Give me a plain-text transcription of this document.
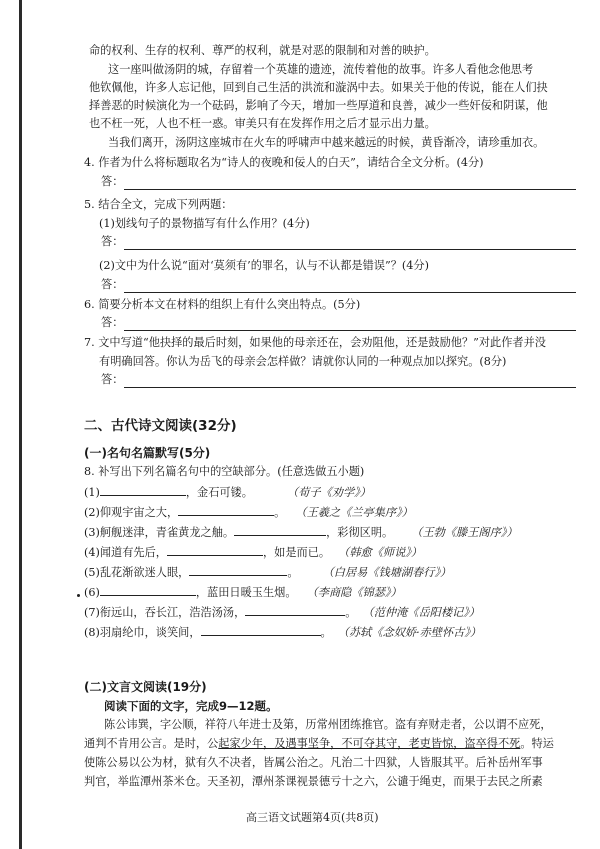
命的权利、生存的权利、尊严的权利，就是对恶的限制和对善的映护。
这一座叫做汤阴的城，存留着一个英雄的遗迹，流传着他的故事。许多人看他念他思考
他钦佩他，许多人忘记他，回到自己生活的洪流和漩涡中去。如果关于他的传说，能在人们抉
择善恶的时候演化为一个砝码，影响了今天，增加一些厚道和良善，减少一些奸佞和阴谋，他
也不枉一死，人也不枉一惑。审美只有在发挥作用之后才显示出力量。
当我们离开，汤阴这座城市在火车的呼啸声中越来越远的时候，黄昏渐冷，请珍重加衣。
4. 作者为什么将标题取名为“诗人的夜晚和佞人的白天”，请结合全文分析。(4分)
答：
5. 结合全文，完成下列两题：
(1)划线句子的景物描写有什么作用？(4分)
答：
(2)文中为什么说“面对‘莫须有’的罪名，认与不认都是错误”？(4分)
答：
6. 简要分析本文在材料的组织上有什么突出特点。(5分)
答：
7. 文中写道“他抉择的最后时刻，如果他的母亲还在，会劝阻他，还是鼓励他？”对此作者并没
有明确回答。你认为岳飞的母亲会怎样做？请就你认同的一种观点加以探究。(8分)
答：
二、古代诗文阅读(32分)
(一)名句名篇默写(5分)
8. 补写出下列名篇名句中的空缺部分。(任意选做五小题)
(1)	，金石可镂。	（荀子《劝学》）
(2)仰观宇宙之大，	。 （王羲之《兰亭集序》）
(3)舸舰迷津，青雀黄龙之舳。	，彩彻区明。 （王勃《滕王阁序》）
(4)闻道有先后，	，如是而已。 （韩愈《师说》）
(5)乱花渐欲迷人眼，	。 （白居易《钱塘湖春行》）
(6)	，蓝田日暖玉生烟。 （李商隐《锦瑟》）
(7)衔远山，吞长江，浩浩汤汤，	。 （范仲淹《岳阳楼记》）
(8)羽扇纶巾，谈笑间，	。 （苏轼《念奴娇·赤壁怀古》）
(二)文言文阅读(19分)
阅读下面的文字，完成9—12题。
陈公讳巽，字公顺，祥符八年进士及第，历常州团练推官。盗有弃财走者，公以谓不应死，
通判不肯用公言。是时，公起家少年，及遇事坚争，不可夺其守，老吏皆惊，盗卒得不死。特运
使陈公易以公为材，狱有久不决者，皆属公治之。凡治二十四狱，人皆服其平。后补岳州军事
判官，举监潭州茶米仓。天圣初，潭州茶课视景德亏十之六，公谴于绳吏，而果于去民之所素
高三语文试题第4页(共8页)
